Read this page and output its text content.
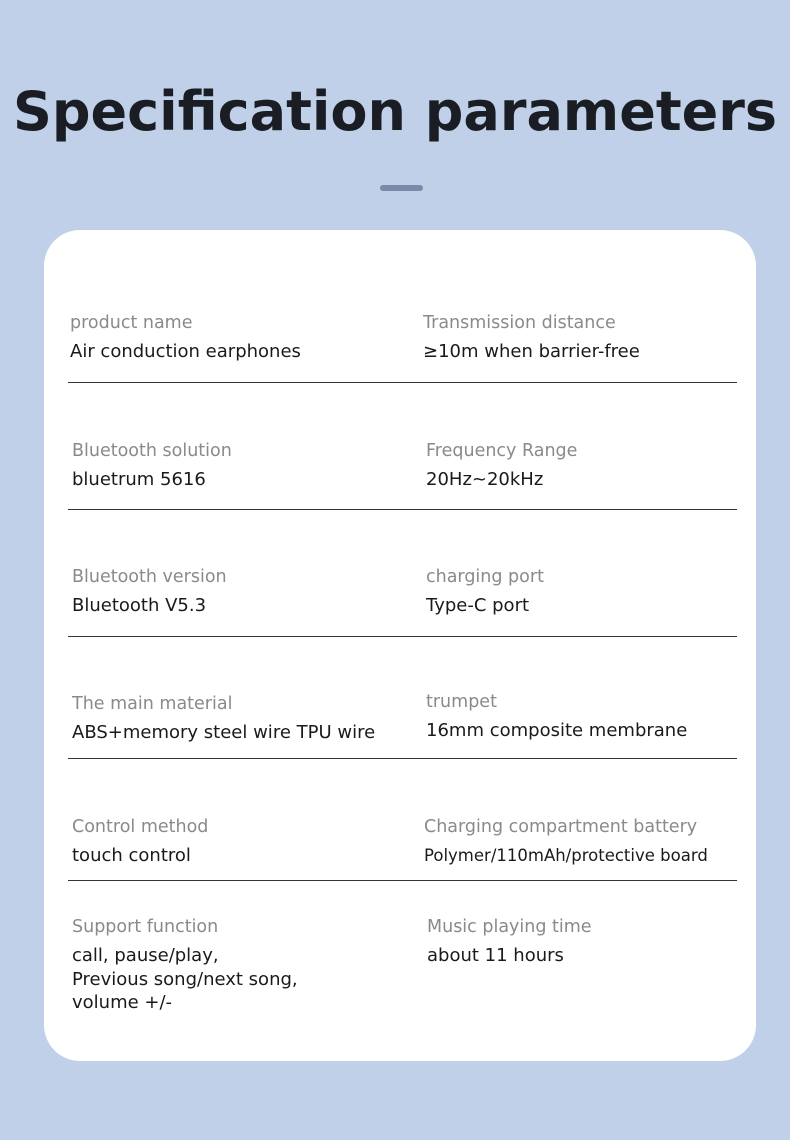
Specification parameters
product name
Air conduction earphones
Transmission distance
≥10m when barrier-free
Bluetooth solution
bluetrum 5616
Frequency Range
20Hz~20kHz
Bluetooth version
Bluetooth V5.3
charging port
Type-C port
The main material
ABS+memory steel wire TPU wire
trumpet
16mm composite membrane
Control method
touch control
Charging compartment battery
Polymer/110mAh/protective board
Support function
call, pause/play,
Previous song/next song,
volume +/-
Music playing time
about 11 hours
